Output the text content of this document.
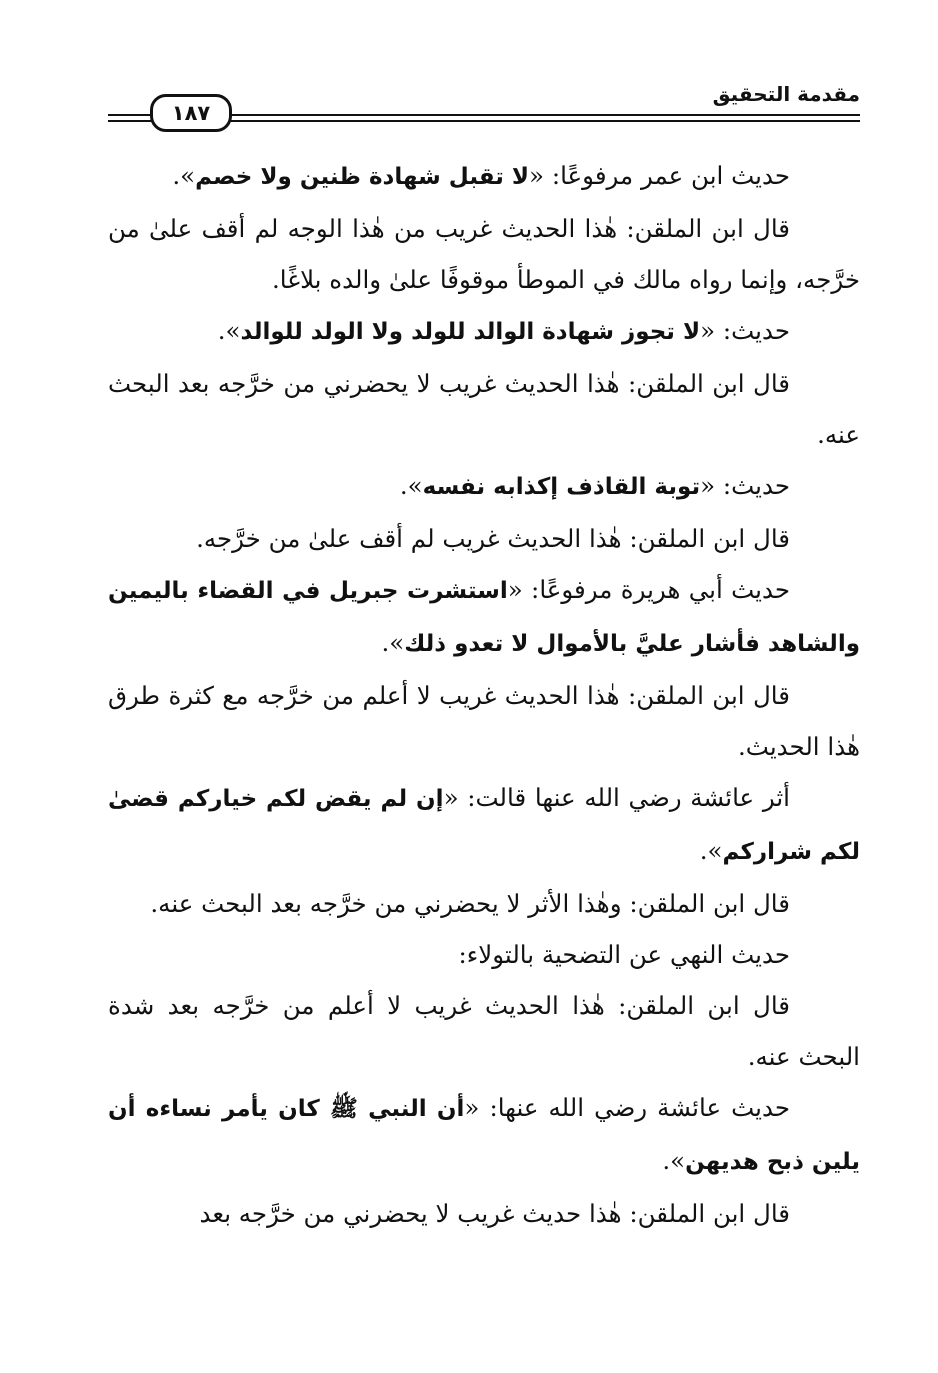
١٨٧
مقدمة التحقيق

حديث ابن عمر مرفوعًا: «لا تقبل شهادة ظنين ولا خصم».

قال ابن الملقن: هٰذا الحديث غريب من هٰذا الوجه لم أقف علىٰ من خرَّجه، وإنما رواه مالك في الموطأ موقوفًا علىٰ والده بلاغًا.

حديث: «لا تجوز شهادة الوالد للولد ولا الولد للوالد».

قال ابن الملقن: هٰذا الحديث غريب لا يحضرني من خرَّجه بعد البحث عنه.

حديث: «توبة القاذف إكذابه نفسه».

قال ابن الملقن: هٰذا الحديث غريب لم أقف علىٰ من خرَّجه.

حديث أبي هريرة مرفوعًا: «استشرت جبريل في القضاء باليمين والشاهد فأشار عليَّ بالأموال لا تعدو ذلك».

قال ابن الملقن: هٰذا الحديث غريب لا أعلم من خرَّجه مع كثرة طرق هٰذا الحديث.

أثر عائشة رضي الله عنها قالت: «إن لم يقض لكم خياركم قضىٰ لكم شراركم».

قال ابن الملقن: وهٰذا الأثر لا يحضرني من خرَّجه بعد البحث عنه.

حديث النهي عن التضحية بالتولاء:

قال ابن الملقن: هٰذا الحديث غريب لا أعلم من خرَّجه بعد شدة البحث عنه.

حديث عائشة رضي الله عنها: «أن النبي ﷺ كان يأمر نساءه أن يلين ذبح هديهن».

قال ابن الملقن: هٰذا حديث غريب لا يحضرني من خرَّجه بعد
